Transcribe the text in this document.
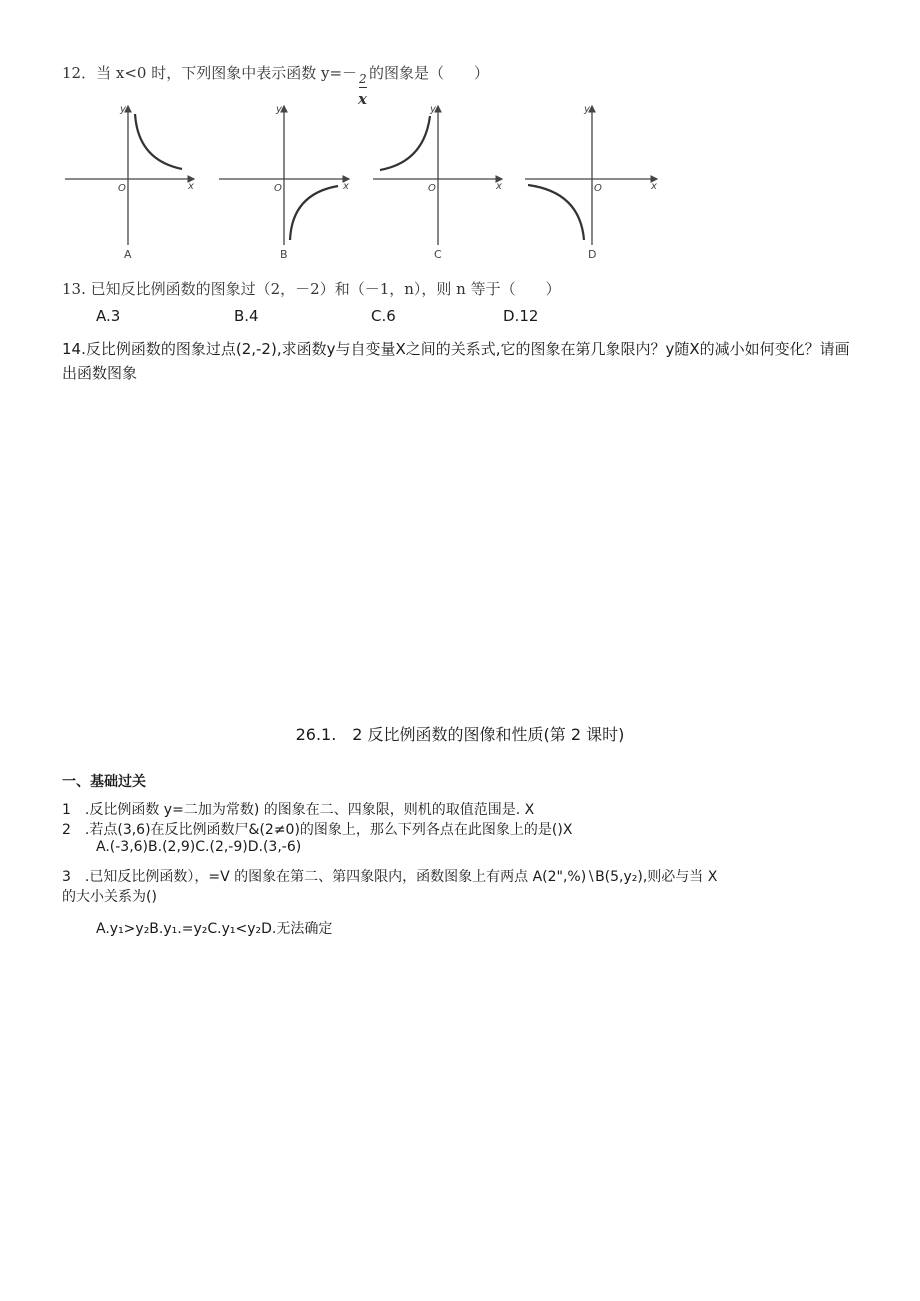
12．当 x<0 时，下列图象中表示函数 y=－
$\frac{2}{x}$
的图象是（　　）
y
x
O
A
y
x
O
B
y
x
O
C
y
x
O
D
13. 已知反比例函数的图象过（2，－2）和（－1，n），则 n 等于（　　）
A.3	B.4	C.6	D.12
14.反比例函数的图象过点(2,-2),求函数y与自变量X之间的关系式,它的图象在第几象限内？y随X的减小如何变化？请画出函数图象
26.1.　2 反比例函数的图像和性质(第 2 课时)
一、基础过关
1　.反比例函数 y=二加为常数) 的图象在二、四象限，则机的取值范围是. X
2　.若点(3,6)在反比例函数尸&(2≠0)的图象上，那么下列各点在此图象上的是()X
A.(-3,6)B.(2,9)C.(2,-9)D.(3,-6)
3　.已知反比例函数），=V 的图象在第二、第四象限内，函数图象上有两点 A(2",%)∖B(5,y₂),则必与当 X
的大小关系为()
A.y₁>y₂B.y₁.=y₂C.y₁<y₂D.无法确定
